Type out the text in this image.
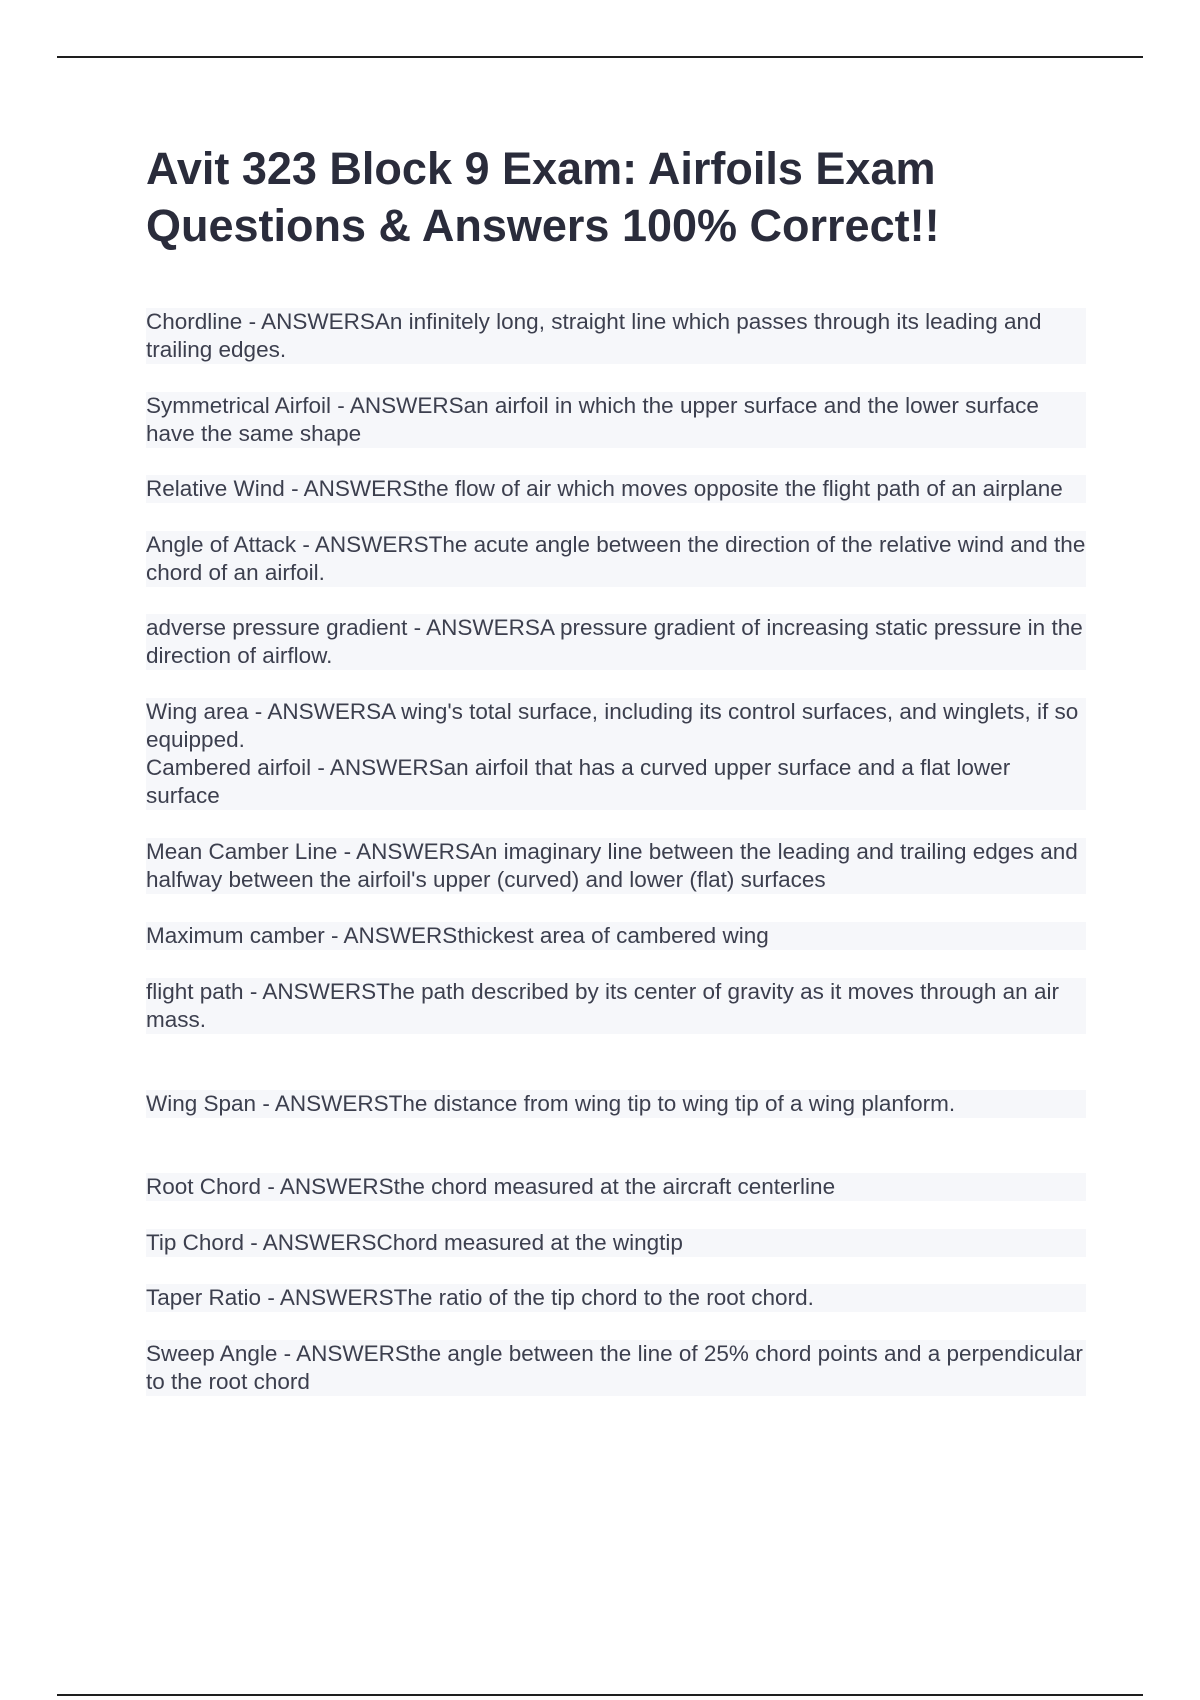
Avit 323 Block 9 Exam: Airfoils Exam Questions & Answers 100% Correct!!

Chordline - ANSWERSAn infinitely long, straight line which passes through its leading and trailing edges.

Symmetrical Airfoil - ANSWERSan airfoil in which the upper surface and the lower surface have the same shape

Relative Wind - ANSWERSthe flow of air which moves opposite the flight path of an airplane

Angle of Attack - ANSWERSThe acute angle between the direction of the relative wind and the chord of an airfoil.

adverse pressure gradient - ANSWERSA pressure gradient of increasing static pressure in the direction of airflow.

Wing area - ANSWERSA wing's total surface, including its control surfaces, and winglets, if so equipped.

Cambered airfoil - ANSWERSan airfoil that has a curved upper surface and a flat lower surface

Mean Camber Line - ANSWERSAn imaginary line between the leading and trailing edges and halfway between the airfoil's upper (curved) and lower (flat) surfaces

Maximum camber - ANSWERSthickest area of cambered wing

flight path - ANSWERSThe path described by its center of gravity as it moves through an air mass.

Wing Span - ANSWERSThe distance from wing tip to wing tip of a wing planform.

Root Chord - ANSWERSthe chord measured at the aircraft centerline

Tip Chord - ANSWERSChord measured at the wingtip

Taper Ratio - ANSWERSThe ratio of the tip chord to the root chord.

Sweep Angle - ANSWERSthe angle between the line of 25% chord points and a perpendicular to the root chord
